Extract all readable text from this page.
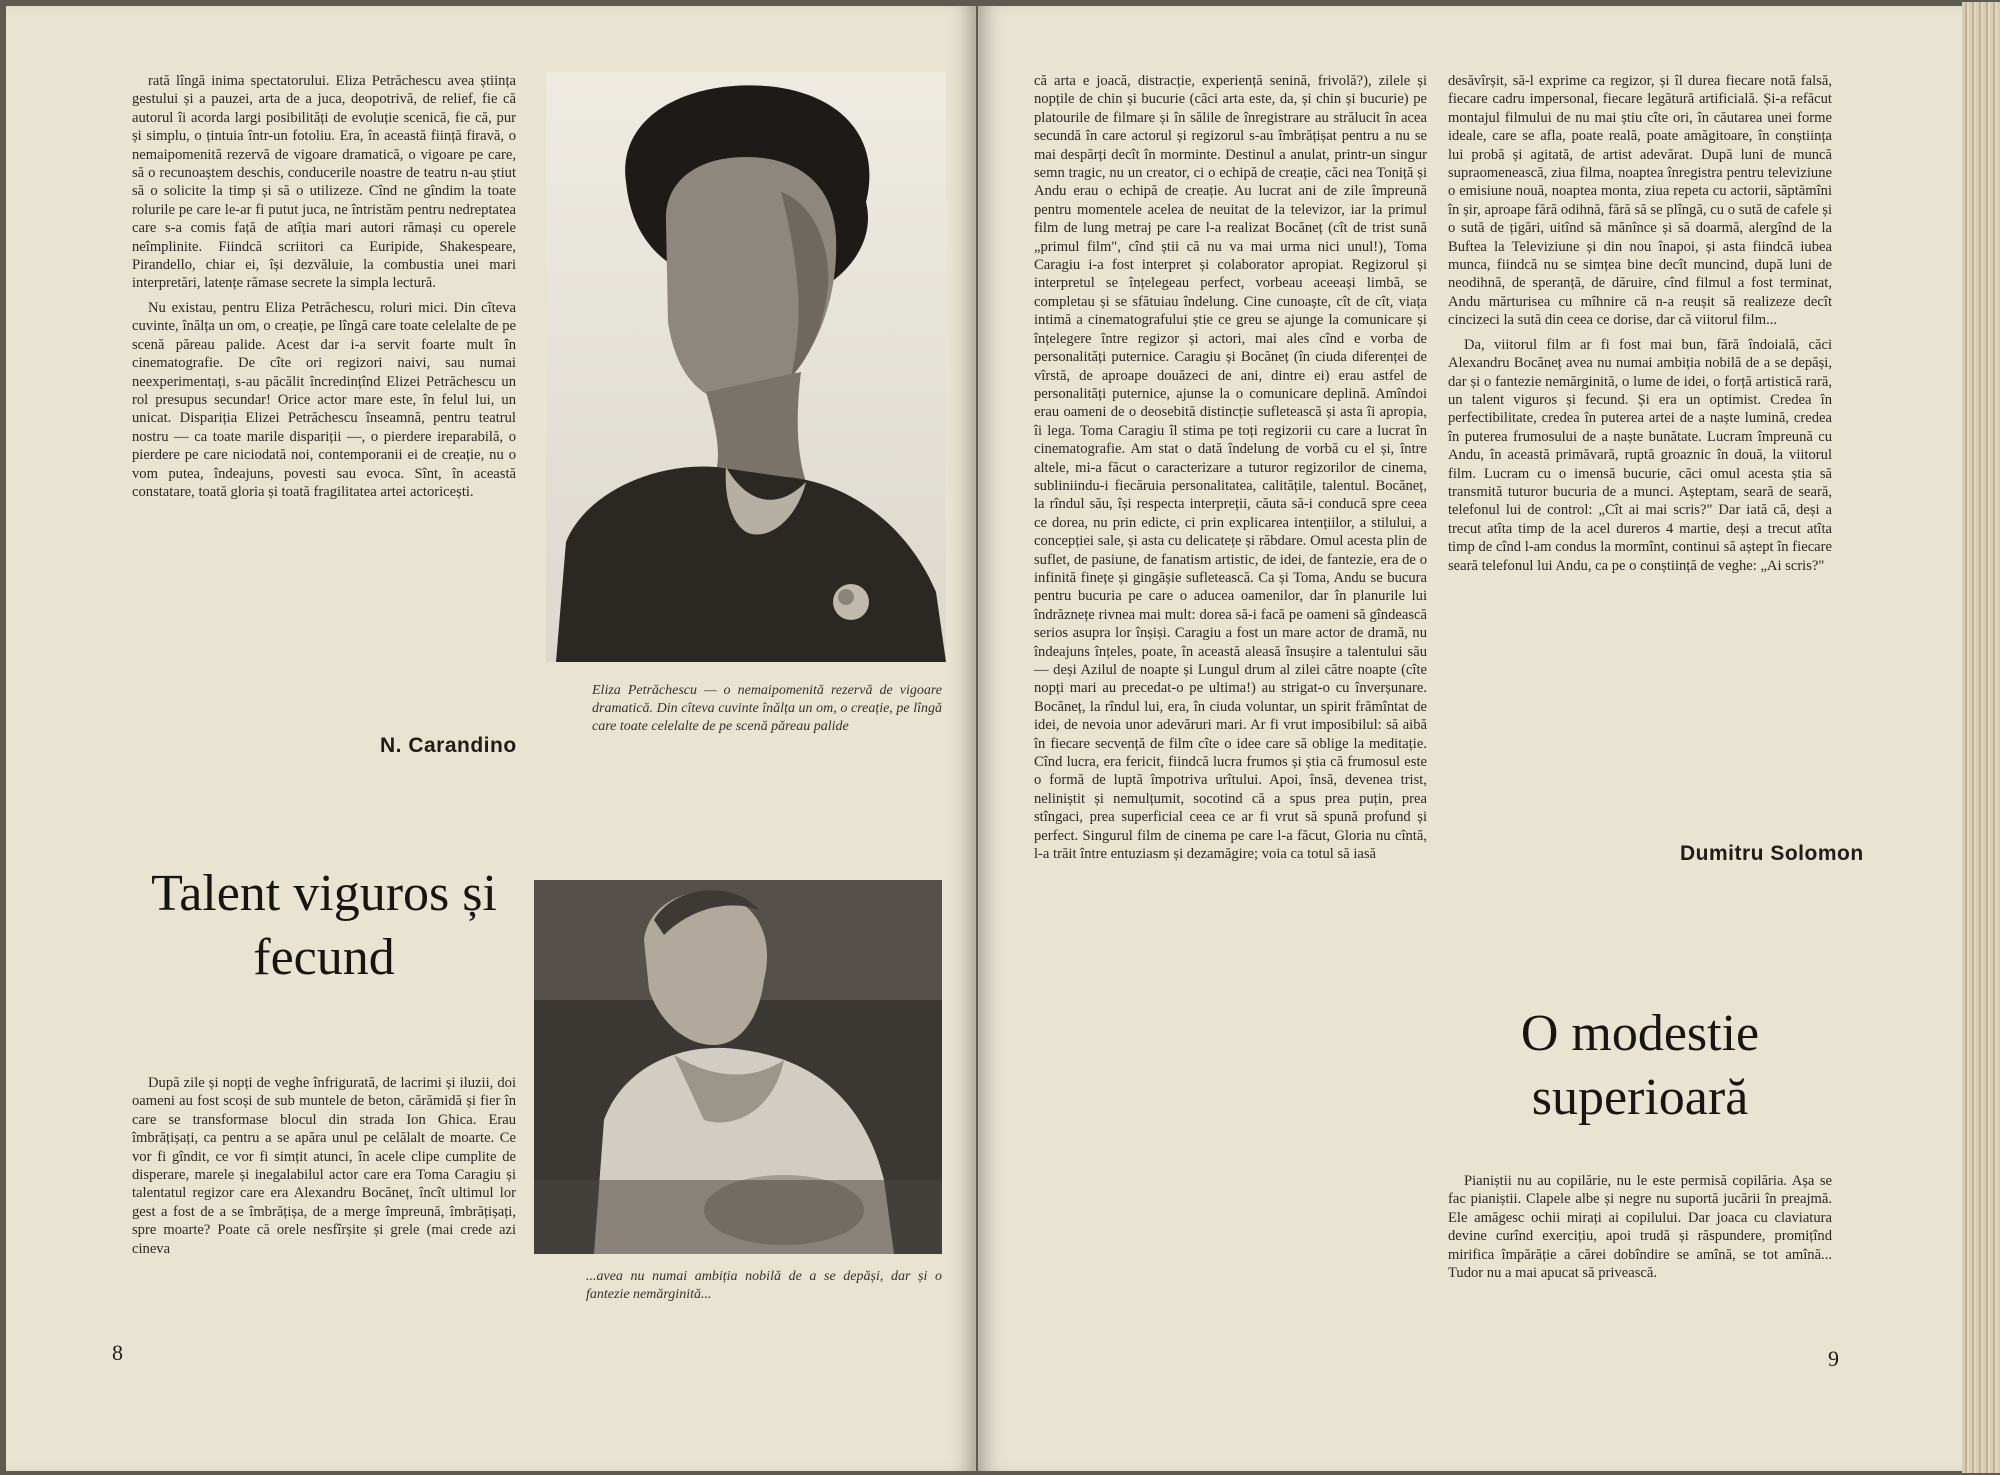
rată lîngă inima spectatorului. Eliza Petrăchescu avea știința gestului și a pauzei, arta de a juca, deopotrivă, de relief, fie că autorul îi acorda largi posibilități de evoluție scenică, fie că, pur și simplu, o țintuia într-un fotoliu. Era, în această ființă firavă, o nemaipomenită rezervă de vigoare dramatică, o vigoare pe care, să o recunoaștem deschis, conducerile noastre de teatru n-au știut să o solicite la timp și să o utilizeze. Cînd ne gîndim la toate rolurile pe care le-ar fi putut juca, ne întristăm pentru nedreptatea care s-a comis față de atîția mari autori rămași cu operele neîmplinite. Fiindcă scriitori ca Euripide, Shakespeare, Pirandello, chiar ei, își dezvăluie, la combustia unei mari interpretări, latențe rămase secrete la simpla lectură.

Nu existau, pentru Eliza Petrăchescu, roluri mici. Din cîteva cuvinte, înălța un om, o creație, pe lîngă care toate celelalte de pe scenă păreau palide. Acest dar i-a servit foarte mult în cinematografie. De cîte ori regizori naivi, sau numai neexperimentați, s-au păcălit încredințînd Elizei Petrăchescu un rol presupus secundar! Orice actor mare este, în felul lui, un unicat. Dispariția Elizei Petrăchescu înseamnă, pentru teatrul nostru — ca toate marile dispariții —, o pierdere ireparabilă, o pierdere pe care niciodată noi, contemporanii ei de creație, nu o vom putea, îndeajuns, povesti sau evoca. Sînt, în această constatare, toată gloria și toată fragilitatea artei actoricești.

N. Carandino
Eliza Petrăchescu — o nemaipomenită rezervă de vigoare dramatică. Din cîteva cuvinte înălța un om, o creație, pe lîngă care toate celelalte de pe scenă păreau palide
Talent viguros și fecund

După zile și nopți de veghe înfrigurată, de lacrimi și iluzii, doi oameni au fost scoși de sub muntele de beton, cărămidă și fier în care se transformase blocul din strada Ion Ghica. Erau îmbrățișați, ca pentru a se apăra unul pe celălalt de moarte. Ce vor fi gîndit, ce vor fi simțit atunci, în acele clipe cumplite de disperare, marele și inegalabilul actor care era Toma Caragiu și talentatul regizor care era Alexandru Bocăneț, încît ultimul lor gest a fost de a se îmbrățișa, de a merge împreună, îmbrățișați, spre moarte? Poate că orele nesfîrșite și grele (mai crede azi cineva

...avea nu numai ambiția nobilă de a se depăși, dar și o fantezie nemărginită...
8

că arta e joacă, distracție, experiență senină, frivolă?), zilele și nopțile de chin și bucurie (căci arta este, da, și chin și bucurie) pe platourile de filmare și în sălile de înregistrare au strălucit în acea secundă în care actorul și regizorul s-au îmbrățișat pentru a nu se mai despărți decît în morminte. Destinul a anulat, printr-un singur semn tragic, nu un creator, ci o echipă de creație, căci nea Toniță și Andu erau o echipă de creație. Au lucrat ani de zile împreună pentru momentele acelea de neuitat de la televizor, iar la primul film de lung metraj pe care l-a realizat Bocăneț (cît de trist sună „primul film", cînd știi că nu va mai urma nici unul!), Toma Caragiu i-a fost interpret și colaborator apropiat. Regizorul și interpretul se înțelegeau perfect, vorbeau aceeași limbă, se completau și se sfătuiau îndelung. Cine cunoaște, cît de cît, viața intimă a cinematografului știe ce greu se ajunge la comunicare și înțelegere între regizor și actori, mai ales cînd e vorba de personalități puternice. Caragiu și Bocăneț (în ciuda diferenței de vîrstă, de aproape douăzeci de ani, dintre ei) erau astfel de personalități puternice, ajunse la o comunicare deplină. Amîndoi erau oameni de o deosebită distincție sufletească și asta îi apropia, îi lega. Toma Caragiu îl stima pe toți regizorii cu care a lucrat în cinematografie. Am stat o dată îndelung de vorbă cu el și, între altele, mi-a făcut o caracterizare a tuturor regizorilor de cinema, subliniindu-i fiecăruia personalitatea, calitățile, talentul. Bocăneț, la rîndul său, își respecta interpreții, căuta să-i conducă spre ceea ce dorea, nu prin edicte, ci prin explicarea intențiilor, a stilului, a concepției sale, și asta cu delicatețe și răbdare. Omul acesta plin de suflet, de pasiune, de fanatism artistic, de idei, de fantezie, era de o infinită finețe și gingășie sufletească. Ca și Toma, Andu se bucura pentru bucuria pe care o aducea oamenilor, dar în planurile lui îndrăznețe rivnea mai mult: dorea să-i facă pe oameni să gîndească serios asupra lor înșiși. Caragiu a fost un mare actor de dramă, nu îndeajuns înțeles, poate, în această aleasă însușire a talentului său — deși Azilul de noapte și Lungul drum al zilei către noapte (cîte nopți mari au precedat-o pe ultima!) au strigat-o cu înverșunare. Bocăneț, la rîndul lui, era, în ciuda voluntar, un spirit frămîntat de idei, de nevoia unor adevăruri mari. Ar fi vrut imposibilul: să aibă în fiecare secvență de film cîte o idee care să oblige la meditație. Cînd lucra, era fericit, fiindcă lucra frumos și știa că frumosul este o formă de luptă împotriva urîtului. Apoi, însă, devenea trist, neliniștit și nemulțumit, socotind că a spus prea puțin, prea stîngaci, prea superficial ceea ce ar fi vrut să spună profund și perfect. Singurul film de cinema pe care l-a făcut, Gloria nu cîntă, l-a trăit între entuziasm și dezamăgire; voia ca totul să iasă

desăvîrșit, să-l exprime ca regizor, și îl durea fiecare notă falsă, fiecare cadru impersonal, fiecare legătură artificială. Și-a refăcut montajul filmului de nu mai știu cîte ori, în căutarea unei forme ideale, care se afla, poate reală, poate amăgitoare, în conștiința lui probă și agitată, de artist adevărat. După luni de muncă supraomenească, ziua filma, noaptea înregistra pentru televiziune o emisiune nouă, noaptea monta, ziua repeta cu actorii, săptămîni în șir, aproape fără odihnă, fără să se plîngă, cu o sută de cafele și o sută de țigări, uitînd să mănînce și să doarmă, alergînd de la Buftea la Televiziune și din nou înapoi, și asta fiindcă iubea munca, fiindcă nu se simțea bine decît muncind, după luni de neodihnă, de speranță, de dăruire, cînd filmul a fost terminat, Andu mărturisea cu mîhnire că n-a reușit să realizeze decît cincizeci la sută din ceea ce dorise, dar că viitorul film...

Da, viitorul film ar fi fost mai bun, fără îndoială, căci Alexandru Bocăneț avea nu numai ambiția nobilă de a se depăși, dar și o fantezie nemărginită, o lume de idei, o forță artistică rară, un talent viguros și fecund. Și era un optimist. Credea în perfectibilitate, credea în puterea artei de a naște lumină, credea în puterea frumosului de a naște bunătate. Lucram împreună cu Andu, în această primăvară, ruptă groaznic în două, la viitorul film. Lucram cu o imensă bucurie, căci omul acesta știa să transmită tuturor bucuria de a munci. Așteptam, seară de seară, telefonul lui de control: „Cît ai mai scris?" Dar iată că, deși a trecut atîta timp de la acel dureros 4 martie, deși a trecut atîta timp de cînd l-am condus la mormînt, continui să aștept în fiecare seară telefonul lui Andu, ca pe o conștiință de veghe: „Ai scris?"

Dumitru Solomon
O modestie superioară

Pianiștii nu au copilărie, nu le este permisă copilăria. Așa se fac pianiștii. Clapele albe și negre nu suportă jucării în preajmă. Ele amăgesc ochii mirați ai copilului. Dar joaca cu claviatura devine curînd exercițiu, apoi trudă și răspundere, promițînd mirifica împărăție a cărei dobîndire se amînă, se tot amînă... Tudor nu a mai apucat să privească.

9
